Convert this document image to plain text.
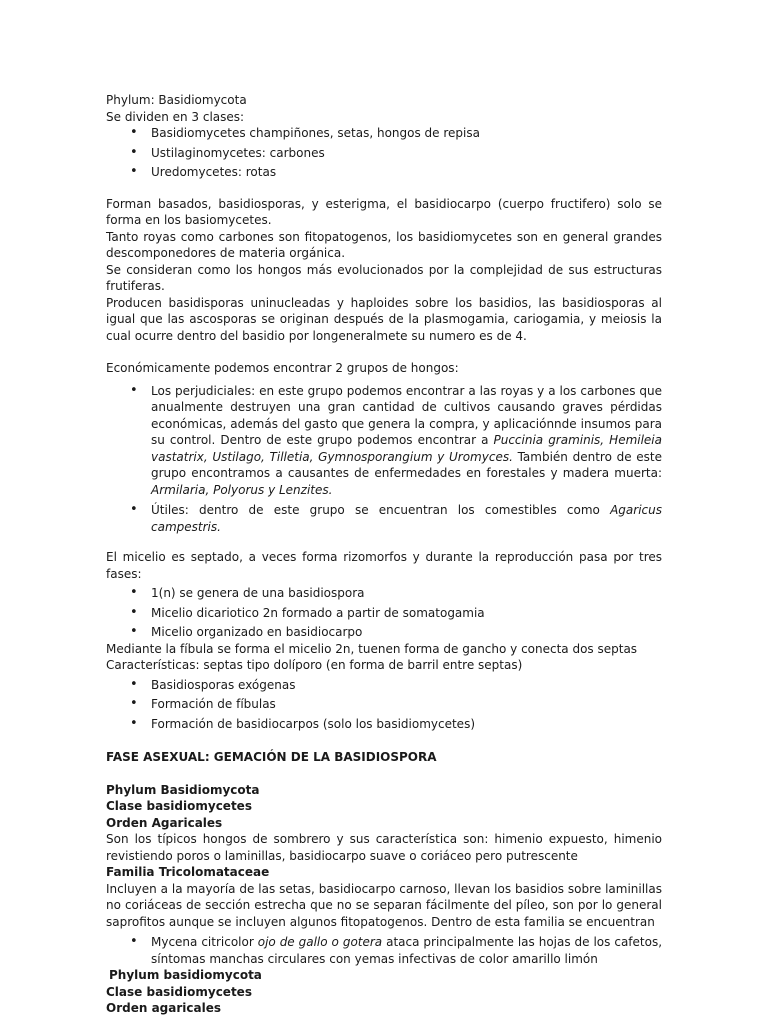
Phylum: Basidiomycota

Se dividen en 3 clases:

• Basidiomycetes champiñones, setas, hongos de repisa
• Ustilaginomycetes: carbones
• Uredomycetes: rotas

Forman basados, basidiosporas, y esterigma, el basidiocarpo (cuerpo fructifero) solo se forma en los basiomycetes.

Tanto royas como carbones son fitopatogenos, los basidiomycetes son en general grandes descomponedores de materia orgánica.

Se consideran como los hongos más evolucionados por la complejidad de sus estructuras frutiferas.

Producen basidisporas uninucleadas y haploides sobre los basidios, las basidiosporas al igual que las ascosporas se originan después de la plasmogamia, cariogamia, y meiosis la cual ocurre dentro del basidio por longeneralmete su numero es de 4.

Económicamente podemos encontrar 2 grupos de hongos:

• Los perjudiciales: en este grupo podemos encontrar a las royas y a los carbones que anualmente destruyen una gran cantidad de cultivos causando graves pérdidas económicas, además del gasto que genera la compra, y aplicaciónnde insumos para su control. Dentro de este grupo podemos encontrar a Puccinia graminis, Hemileia vastatrix, Ustilago, Tilletia, Gymnosporangium y Uromyces. También dentro de este grupo encontramos a causantes de enfermedades en forestales y madera muerta: Armilaria, Polyorus y Lenzites.
• Útiles: dentro de este grupo se encuentran los comestibles como Agaricus campestris.

El micelio es septado, a veces forma rizomorfos y durante la reproducción pasa por tres fases:

• 1(n) se genera de una basidiospora
• Micelio dicariotico 2n formado a partir de somatogamia
• Micelio organizado en basidiocarpo

Mediante la fíbula se forma el micelio 2n, tuenen forma de gancho y conecta dos septas

Características: septas tipo dolíporo (en forma de barril entre septas)

• Basidiosporas exógenas
• Formación de fíbulas
• Formación de basidiocarpos (solo los basidiomycetes)

FASE ASEXUAL: GEMACIÓN DE LA BASIDIOSPORA

Phylum Basidiomycota

Clase basidiomycetes

Orden Agaricales

Son los típicos hongos de sombrero y sus característica son: himenio expuesto, himenio revistiendo poros o laminillas, basidiocarpo suave o coriáceo pero putrescente

Familia Tricolomataceae

Incluyen a la mayoría de las setas, basidiocarpo carnoso, llevan los basidios sobre laminillas no coriáceas de sección estrecha que no se separan fácilmente del píleo, son por lo general saprofitos aunque se incluyen algunos fitopatogenos. Dentro de esta familia se encuentran

• Mycena citricolor ojo de gallo o gotera ataca principalmente las hojas de los cafetos, síntomas manchas circulares con yemas infectivas de color amarillo limón

Phylum basidiomycota

Clase basidiomycetes

Orden agaricales
